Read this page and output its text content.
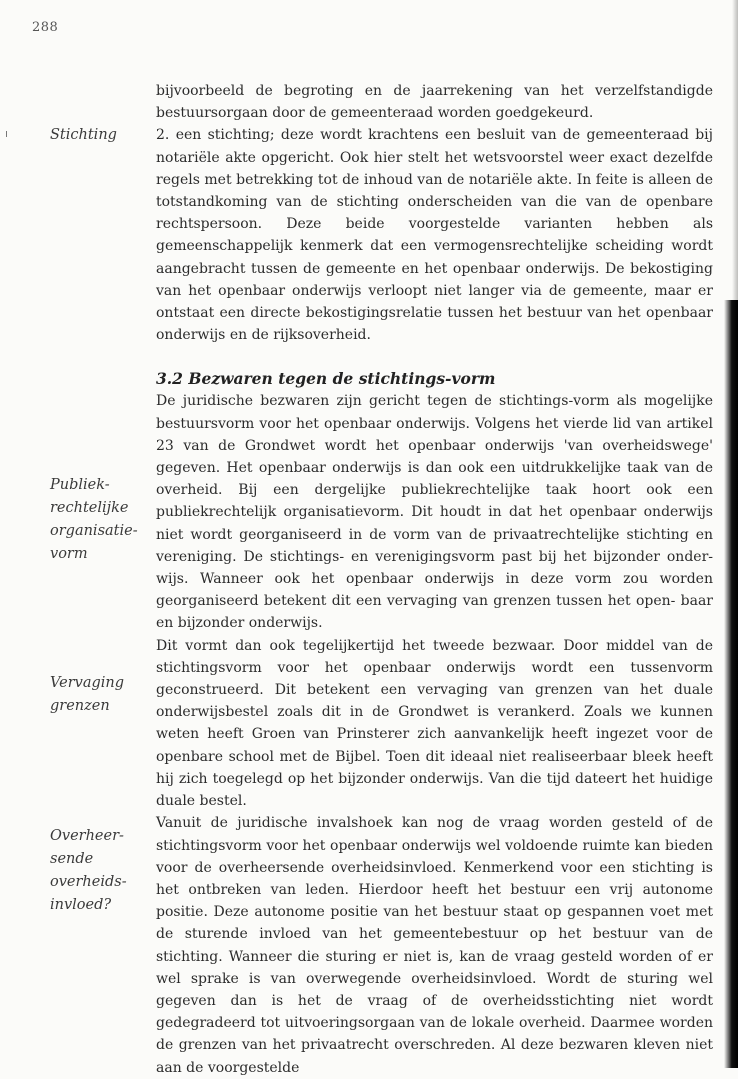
288
Stichting
Publiek-
rechtelijke
organisatie-
vorm
Vervaging
grenzen
Overheer-
sende
overheids-
invloed?

bijvoorbeeld de begroting en de jaarrekening van het verzelfstandigde bestuursorgaan door de gemeenteraad worden goedgekeurd.

2. een stichting; deze wordt krachtens een besluit van de gemeenteraad bij notariële akte opgericht. Ook hier stelt het wetsvoorstel weer exact dezelfde regels met betrekking tot de inhoud van de notariële akte. In feite is alleen de totstandkoming van de stichting onderscheiden van die van de openbare rechtspersoon. Deze beide voorgestelde varianten hebben als gemeenschappelijk kenmerk dat een vermogensrechtelijke scheiding wordt aangebracht tussen de gemeente en het openbaar onderwijs. De bekostiging van het openbaar onderwijs verloopt niet langer via de gemeente, maar er ontstaat een directe bekostigingsrelatie tussen het bestuur van het openbaar onderwijs en de rijksoverheid.

3.2 Bezwaren tegen de stichtings-vorm

De juridische bezwaren zijn gericht tegen de stichtings-vorm als mogelijke bestuursvorm voor het openbaar onderwijs. Volgens het vierde lid van artikel 23 van de Grondwet wordt het openbaar onderwijs 'van overheidswege' gegeven. Het openbaar onderwijs is dan ook een uitdrukkelijke taak van de overheid. Bij een dergelijke publiekrechtelijke taak hoort ook een publiekrechtelijk organisatievorm. Dit houdt in dat het openbaar onderwijs niet wordt georganiseerd in de vorm van de privaatrechtelijke stichting en vereniging. De stichtings- en verenigingsvorm past bij het bijzonder onder- wijs. Wanneer ook het openbaar onderwijs in deze vorm zou worden georganiseerd betekent dit een vervaging van grenzen tussen het open- baar en bijzonder onderwijs.

Dit vormt dan ook tegelijkertijd het tweede bezwaar. Door middel van de stichtingsvorm voor het openbaar onderwijs wordt een tussenvorm geconstrueerd. Dit betekent een vervaging van grenzen van het duale onderwijsbestel zoals dit in de Grondwet is verankerd. Zoals we kunnen weten heeft Groen van Prinsterer zich aanvankelijk heeft ingezet voor de openbare school met de Bijbel. Toen dit ideaal niet realiseerbaar bleek heeft hij zich toegelegd op het bijzonder onderwijs. Van die tijd dateert het huidige duale bestel.

Vanuit de juridische invalshoek kan nog de vraag worden gesteld of de stichtingsvorm voor het openbaar onderwijs wel voldoende ruimte kan bieden voor de overheersende overheidsinvloed. Kenmerkend voor een stichting is het ontbreken van leden. Hierdoor heeft het bestuur een vrij autonome positie. Deze autonome positie van het bestuur staat op gespannen voet met de sturende invloed van het gemeentebestuur op het bestuur van de stichting. Wanneer die sturing er niet is, kan de vraag gesteld worden of er wel sprake is van overwegende overheidsinvloed. Wordt de sturing wel gegeven dan is het de vraag of de overheidsstichting niet wordt gedegradeerd tot uitvoeringsorgaan van de lokale overheid. Daarmee worden de grenzen van het privaatrecht overschreden. Al deze bezwaren kleven niet aan de voorgestelde
